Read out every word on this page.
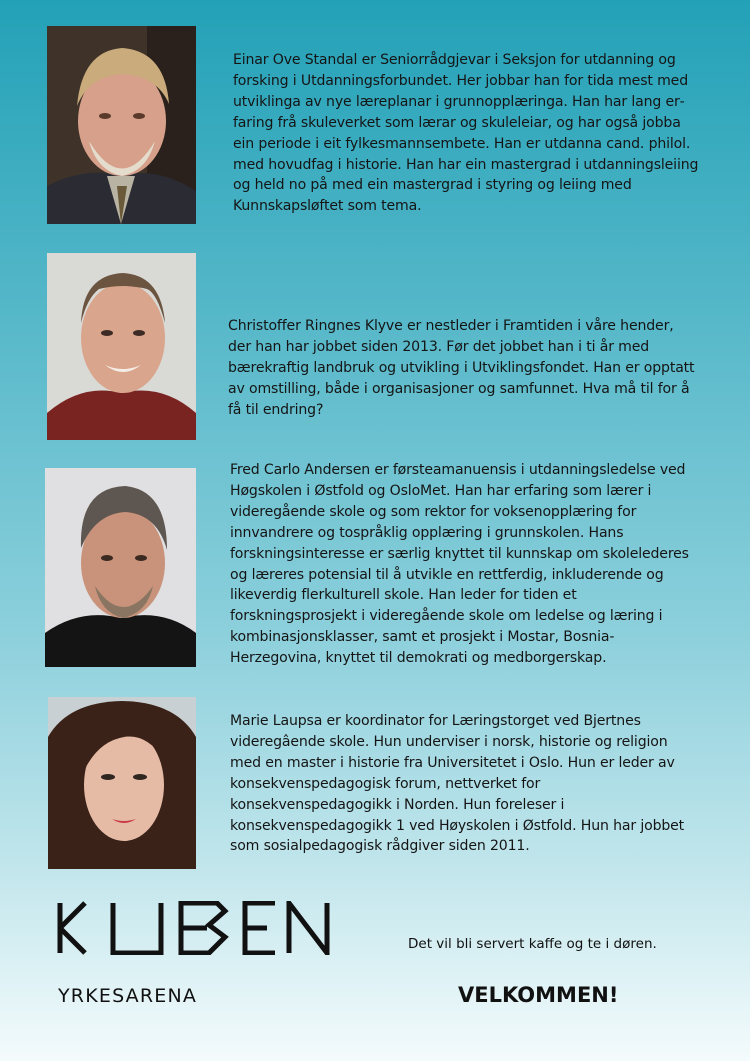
Einar Ove Standal er Seniorrådgjevar i Seksjon for utdanning og forsking i Utdanningsforbundet. Her jobbar han for tida mest med utviklinga av nye læreplanar i grunnopplæringa. Han har lang erfaring frå skuleverket som lærar og skuleleiar, og har også jobba ein periode i eit fylkesmannsembete. Han er utdanna cand. philol. med hovudfag i historie. Han har ein mastergrad i utdanningsleiing og held no på med ein mastergrad i styring og leiing med Kunnskapsløftet som tema.

Christoffer Ringnes Klyve er nestleder i Framtiden i våre hender, der han har jobbet siden 2013. Før det jobbet han i ti år med bærekraftig landbruk og utvikling i Utviklingsfondet. Han er opptatt av omstilling, både i organisasjoner og samfunnet. Hva må til for å få til endring?

Fred Carlo Andersen er førsteamanuensis i utdanningsledelse ved Høgskolen i Østfold og OsloMet. Han har erfaring som lærer i videregående skole og som rektor for voksenopplæring for innvandrere og tospråklig opplæring i grunnskolen. Hans forskningsinteresse er særlig knyttet til kunnskap om skolelederes og læreres potensial til å utvikle en rettferdig, inkluderende og likeverdig flerkulturell skole. Han leder for tiden et forskningsprosjekt i videregående skole om ledelse og læring i kombinasjonsklasser, samt et prosjekt i Mostar, Bosnia-Herzegovina, knyttet til demokrati og medborgerskap.

Marie Laupsa er koordinator for Læringstorget ved Bjertnes videregâende skole. Hun underviser i norsk, historie og religion med en master i historie fra Universitetet i Oslo. Hun er leder av konsekvenspedagogisk forum, nettverket for konsekvenspedagogikk i Norden. Hun foreleser i konsekvenspedagogikk 1 ved Høyskolen i Østfold. Hun har jobbet som sosialpedagogisk rådgiver siden 2011.

YRKESARENA
Det vil bli servert kaffe og te i døren.
VELKOMMEN!
